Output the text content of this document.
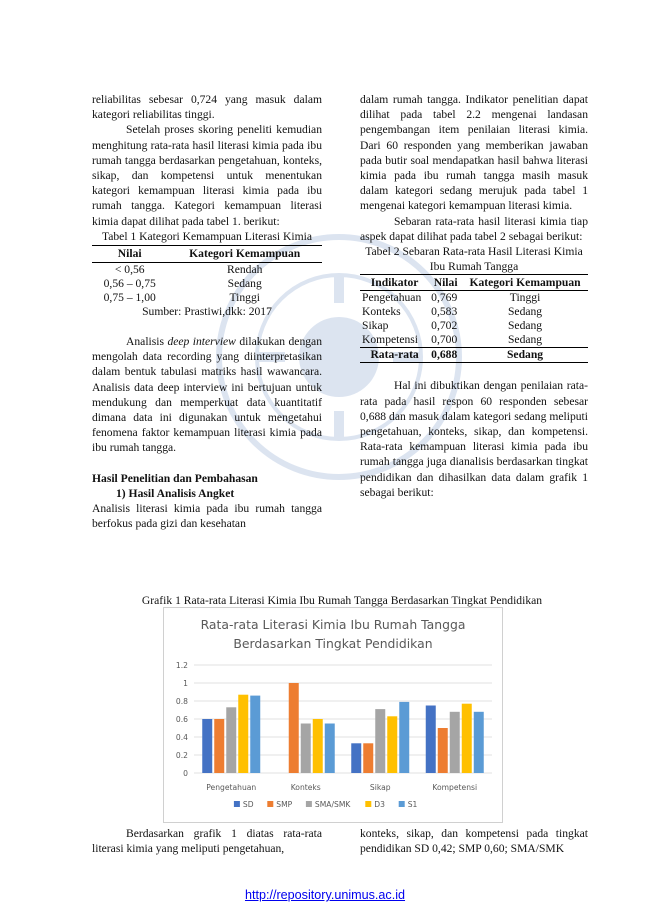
reliabilitas sebesar 0,724 yang masuk dalam kategori reliabilitas tinggi.

Setelah proses skoring peneliti kemudian menghitung rata-rata hasil literasi kimia pada ibu rumah tangga berdasarkan pengetahuan, konteks, sikap, dan kompetensi untuk menentukan kategori kemampuan literasi kimia pada ibu rumah tangga. Kategori kemampuan literasi kimia dapat dilihat pada tabel 1. berikut:

Tabel 1 Kategori Kemampuan Literasi Kimia

Nilai	Kategori Kemampuan
< 0,56	Rendah
0,56 – 0,75	Sedang
0,75 – 1,00	Tinggi
Sumber: Prastiwi,dkk: 2017	

Analisis deep interview dilakukan dengan mengolah data recording yang diinterpretasikan dalam bentuk tabulasi matriks hasil wawancara. Analisis data deep interview ini bertujuan untuk mendukung dan memperkuat data kuantitatif dimana data ini digunakan untuk mengetahui fenomena faktor kemampuan literasi kimia pada ibu rumah tangga.

Hasil Penelitian dan Pembahasan

1) Hasil Analisis Angket

Analisis literasi kimia pada ibu rumah tangga berfokus pada gizi dan kesehatan

dalam rumah tangga. Indikator penelitian dapat dilihat pada tabel 2.2 mengenai landasan pengembangan item penilaian literasi kimia. Dari 60 responden yang memberikan jawaban pada butir soal mendapatkan hasil bahwa literasi kimia pada ibu rumah tangga masih masuk dalam kategori sedang merujuk pada tabel 1 mengenai kategori kemampuan literasi kimia.

Sebaran rata-rata hasil literasi kimia tiap aspek dapat dilihat pada tabel 2 sebagai berikut:

Tabel 2 Sebaran Rata-rata Hasil Literasi Kimia Ibu Rumah Tangga

Indikator	Nilai	Kategori Kemampuan
Pengetahuan	0,769	Tinggi
Konteks	0,583	Sedang
Sikap	0,702	Sedang
Kompetensi	0,700	Sedang
Rata-rata	0,688	Sedang

Hal ini dibuktikan dengan penilaian rata-rata pada hasil respon 60 responden sebesar 0,688 dan masuk dalam kategori sedang meliputi pengetahuan, konteks, sikap, dan kompetensi. Rata-rata kemampuan literasi kimia pada ibu rumah tangga juga dianalisis berdasarkan tingkat pendidikan dan dihasilkan data dalam grafik 1 sebagai berikut:

Grafik 1 Rata-rata Literasi Kimia Ibu Rumah Tangga Berdasarkan Tingkat Pendidikan
Rata-rata Literasi Kimia Ibu Rumah Tangga
Berdasarkan Tingkat Pendidikan
0
0.2
0.4
0.6
0.8
1
1.2
Pengetahuan	Konteks	Sikap	Kompetensi
SD	SMP	SMA/SMK	D3	S1

Berdasarkan grafik 1 diatas rata-rata literasi kimia yang meliputi pengetahuan,

konteks, sikap, dan kompetensi pada tingkat pendidikan SD 0,42; SMP 0,60; SMA/SMK

http://repository.unimus.ac.id
